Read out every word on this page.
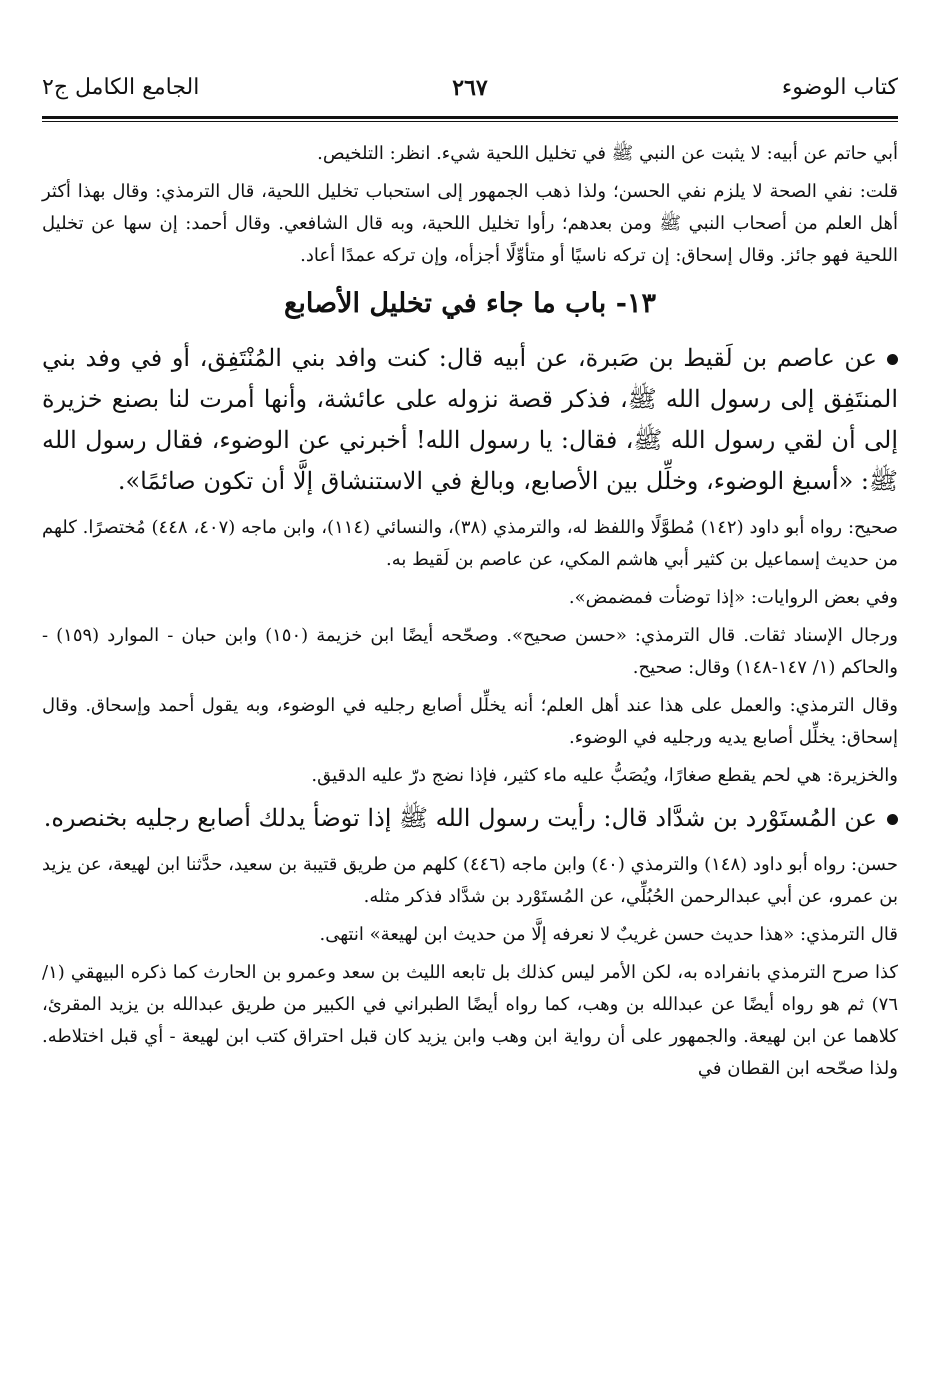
كتاب الوضوء
٢٦٧
الجامع الكامل ج٢

أبي حاتم عن أبيه: لا يثبت عن النبي ﷺ في تخليل اللحية شيء. انظر: التلخيص.

قلت: نفي الصحة لا يلزم نفي الحسن؛ ولذا ذهب الجمهور إلى استحباب تخليل اللحية، قال الترمذي: وقال بهذا أكثر أهل العلم من أصحاب النبي ﷺ ومن بعدهم؛ رأوا تخليل اللحية، وبه قال الشافعي. وقال أحمد: إن سها عن تخليل اللحية فهو جائز. وقال إسحاق: إن تركه ناسيًا أو متأوِّلًا أجزأه، وإن تركه عمدًا أعاد.

١٣- باب ما جاء في تخليل الأصابع

عن عاصم بن لَقيط بن صَبرة، عن أبيه قال: كنت وافد بني المُنْتَفِق، أو في وفد بني المنتَفِق إلى رسول الله ﷺ، فذكر قصة نزوله على عائشة، وأنها أمرت لنا بصنع خزيرة إلى أن لقي رسول الله ﷺ، فقال: يا رسول الله! أخبرني عن الوضوء، فقال رسول الله ﷺ: «أسبغ الوضوء، وخلِّل بين الأصابع، وبالغ في الاستنشاق إلَّا أن تكون صائمًا».

صحيح: رواه أبو داود (١٤٢) مُطوَّلًا واللفظ له، والترمذي (٣٨)، والنسائي (١١٤)، وابن ماجه (٤٠٧، ٤٤٨) مُختصرًا. كلهم من حديث إسماعيل بن كثير أبي هاشم المكي، عن عاصم بن لَقيط به.

وفي بعض الروايات: «إذا توضأت فمضمض».

ورجال الإسناد ثقات. قال الترمذي: «حسن صحيح». وصحّحه أيضًا ابن خزيمة (١٥٠) وابن حبان - الموارد (١٥٩) - والحاكم (١/ ١٤٧-١٤٨) وقال: صحيح.

وقال الترمذي: والعمل على هذا عند أهل العلم؛ أنه يخلِّل أصابع رجليه في الوضوء، وبه يقول أحمد وإسحاق. وقال إسحاق: يخلِّل أصابع يديه ورجليه في الوضوء.

والخزيرة: هي لحم يقطع صغارًا، ويُصَبُّ عليه ماء كثير، فإذا نضج درّ عليه الدقيق.

عن المُستَوْرد بن شدَّاد قال: رأيت رسول الله ﷺ إذا توضأ يدلك أصابع رجليه بخنصره.

حسن: رواه أبو داود (١٤٨) والترمذي (٤٠) وابن ماجه (٤٤٦) كلهم من طريق قتيبة بن سعيد، حدَّثنا ابن لهيعة، عن يزيد بن عمرو، عن أبي عبدالرحمن الحُبُلِّي، عن المُستَوْرد بن شدَّاد فذكر مثله.

قال الترمذي: «هذا حديث حسن غريبٌ لا نعرفه إلَّا من حديث ابن لهيعة» انتهى.

كذا صرح الترمذي بانفراده به، لكن الأمر ليس كذلك بل تابعه الليث بن سعد وعمرو بن الحارث كما ذكره البيهقي (١/ ٧٦) ثم هو رواه أيضًا عن عبدالله بن وهب، كما رواه أيضًا الطبراني في الكبير من طريق عبدالله بن يزيد المقرئ، كلاهما عن ابن لهيعة. والجمهور على أن رواية ابن وهب وابن يزيد كان قبل احتراق كتب ابن لهيعة - أي قبل اختلاطه. ولذا صحّحه ابن القطان في
